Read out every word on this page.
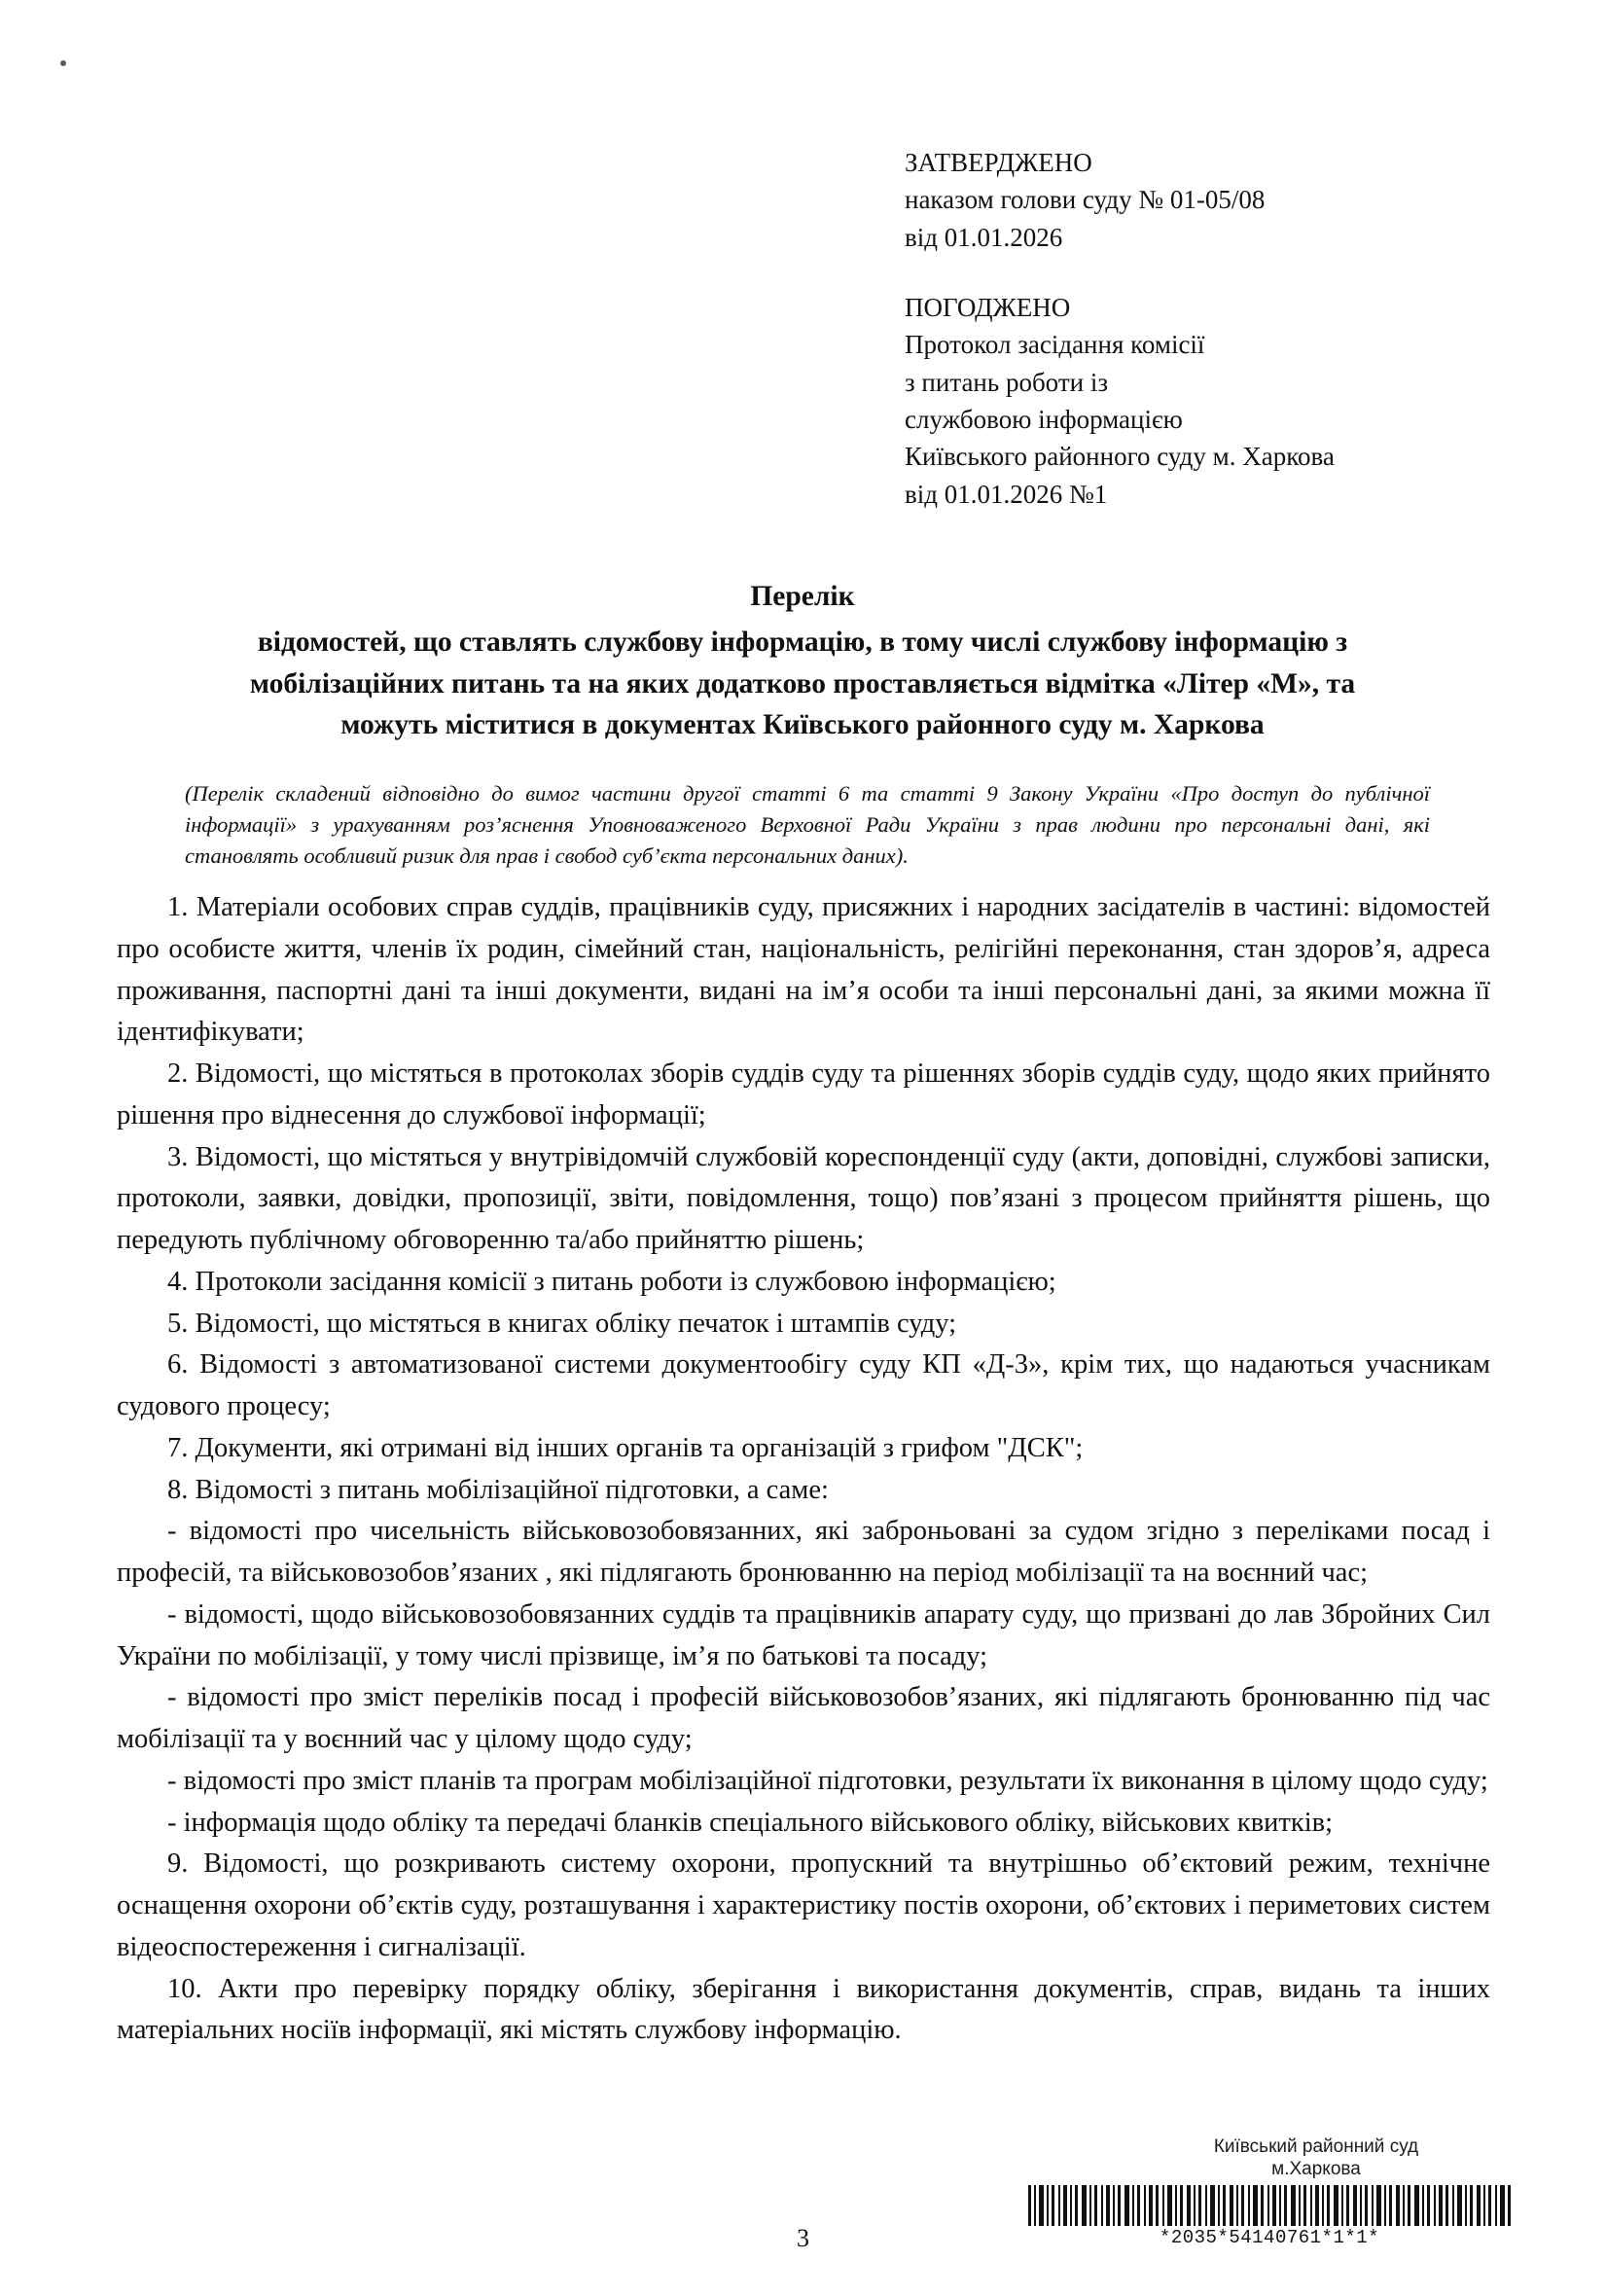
ЗАТВЕРДЖЕНО
наказом голови суду № 01-05/08
від 01.01.2026
ПОГОДЖЕНО
Протокол засідання комісії
з питань роботи із
службовою інформацією
Київського районного суду м. Харкова
від 01.01.2026 №1
Перелік
відомостей, що ставлять службову інформацію, в тому числі службову інформацію з
мобілізаційних питань та на яких додатково проставляється відмітка «Літер «М», та
можуть міститися в документах Київського районного суду м. Харкова
(Перелік складений відповідно до вимог частини другої статті 6 та статті 9 Закону України «Про доступ до публічної інформації» з урахуванням роз’яснення Уповноваженого Верховної Ради України з прав людини про персональні дані, які становлять особливий ризик для прав і свобод суб’єкта персональних даних).

1. Матеріали особових справ суддів, працівників суду, присяжних і народних засідателів в частині: відомостей про особисте життя, членів їх родин, сімейний стан, національність, релігійні переконання, стан здоров’я, адреса проживання, паспортні дані та інші документи, видані на ім’я особи та інші персональні дані, за якими можна її ідентифікувати;

2. Відомості, що містяться в протоколах зборів суддів суду та рішеннях зборів суддів суду, щодо яких прийнято рішення про віднесення до службової інформації;

3. Відомості, що містяться у внутрівідомчій службовій кореспонденції суду (акти, доповідні, службові записки, протоколи, заявки, довідки, пропозиції, звіти, повідомлення, тощо) пов’язані з процесом прийняття рішень, що передують публічному обговоренню та/або прийняттю рішень;

4. Протоколи засідання комісії з питань роботи із службовою інформацією;

5. Відомості, що містяться в книгах обліку печаток і штампів суду;

6. Відомості з автоматизованої системи документообігу суду КП «Д-3», крім тих, що надаються учасникам судового процесу;

7. Документи, які отримані від інших органів та організацій з грифом "ДСК";

8. Відомості з питань мобілізаційної підготовки, а саме:

- відомості про чисельність військовозобовязанних, які заброньовані за судом згідно з переліками посад і професій, та військовозобов’язаних , які підлягають бронюванню на період мобілізації та на воєнний час;

- відомості, щодо військовозобовязанних суддів та працівників апарату суду, що призвані до лав Збройних Сил України по мобілізації, у тому числі прізвище, ім’я по батькові та посаду;

- відомості про зміст переліків посад і професій військовозобов’язаних, які підлягають бронюванню під час мобілізації та у воєнний час у цілому щодо суду;

- відомості про зміст планів та програм мобілізаційної підготовки, результати їх виконання в цілому щодо суду;

- інформація щодо обліку та передачі бланків спеціального військового обліку, військових квитків;

9. Відомості, що розкривають систему охорони, пропускний та внутрішньо об’єктовий режим, технічне оснащення охорони об’єктів суду, розташування і характеристику постів охорони, об’єктових і периметових систем відеоспостереження і сигналізації.

10. Акти про перевірку порядку обліку, зберігання і використання документів, справ, видань та інших матеріальних носіїв інформації, які містять службову інформацію.

Київський районний суд
м.Харкова
*2035*54140761*1*1*
3
